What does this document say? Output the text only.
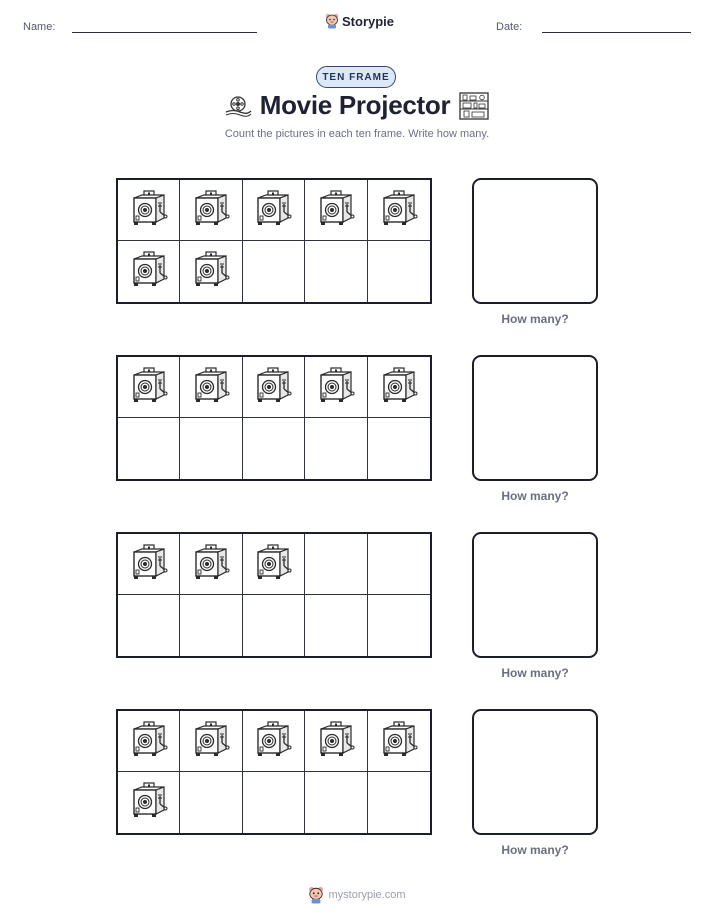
Name:	Storypie	Date:
TEN FRAME
Movie Projector
Count the pictures in each ten frame. Write how many.
How many?
How many?
How many?
How many?
mystorypie.com
